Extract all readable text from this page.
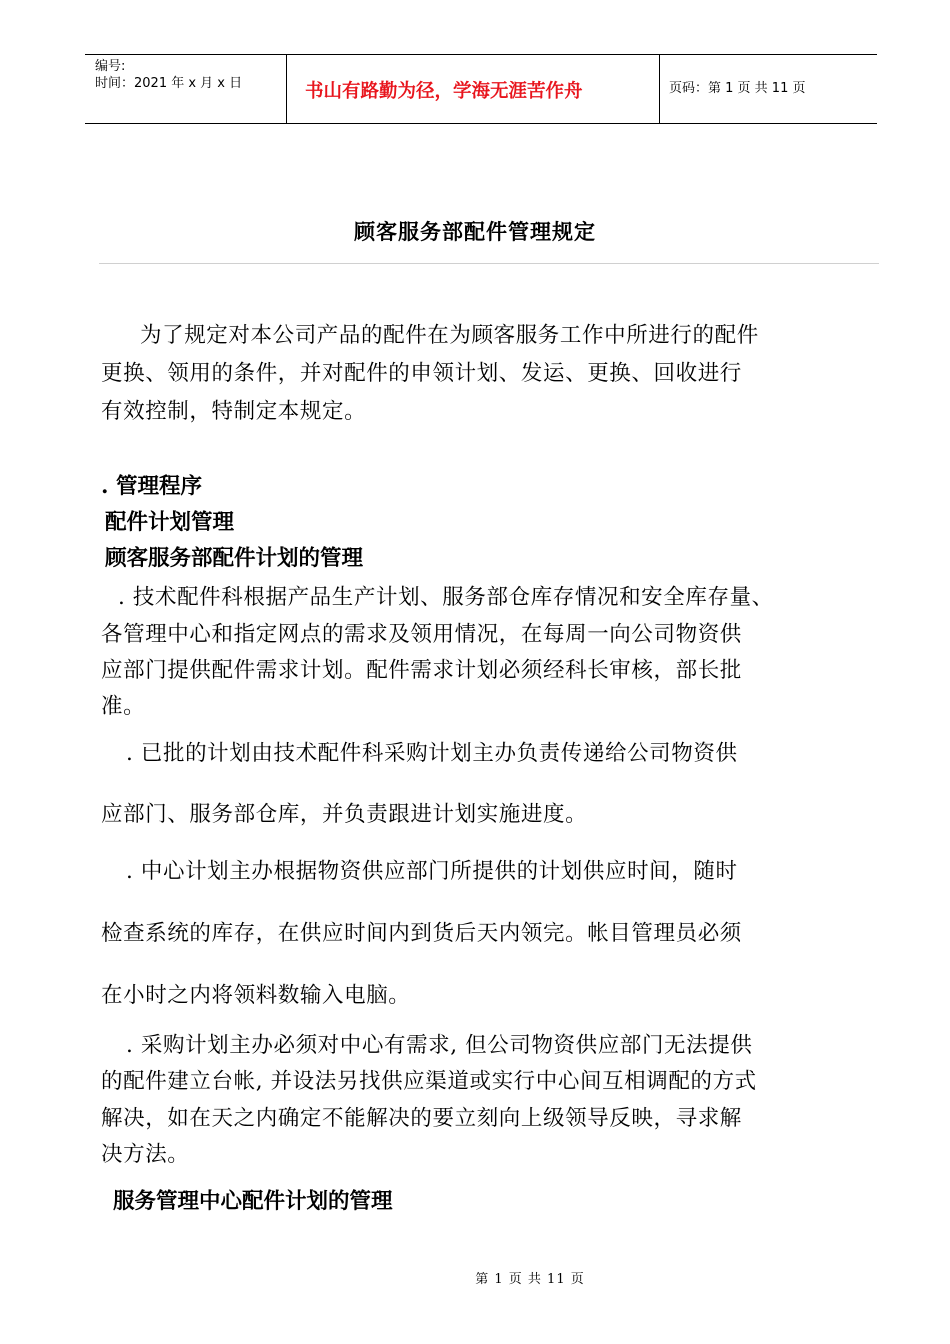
编号:
时间：2021 年 x 月 x 日	书山有路勤为径，学海无涯苦作舟	页码：第 1 页 共 11 页
顾客服务部配件管理规定
为了规定对本公司产品的配件在为顾客服务工作中所进行的配件
更换、领用的条件，并对配件的申领计划、发运、更换、回收进行
有效控制，特制定本规定。
. 管理程序
配件计划管理
顾客服务部配件计划的管理
. 技术配件科根据产品生产计划、服务部仓库存情况和安全库存量、
各管理中心和指定网点的需求及领用情况，在每周一向公司物资供
应部门提供配件需求计划。配件需求计划必须经科长审核，部长批
准。
. 已批的计划由技术配件科采购计划主办负责传递给公司物资供
应部门、服务部仓库，并负责跟进计划实施进度。
. 中心计划主办根据物资供应部门所提供的计划供应时间，随时
检查系统的库存，在供应时间内到货后天内领完。帐目管理员必须
在小时之内将领料数输入电脑。
. 采购计划主办必须对中心有需求, 但公司物资供应部门无法提供
的配件建立台帐, 并设法另找供应渠道或实行中心间互相调配的方式
解决，如在天之内确定不能解决的要立刻向上级领导反映，寻求解
决方法。
服务管理中心配件计划的管理
第 1 页 共 11 页
